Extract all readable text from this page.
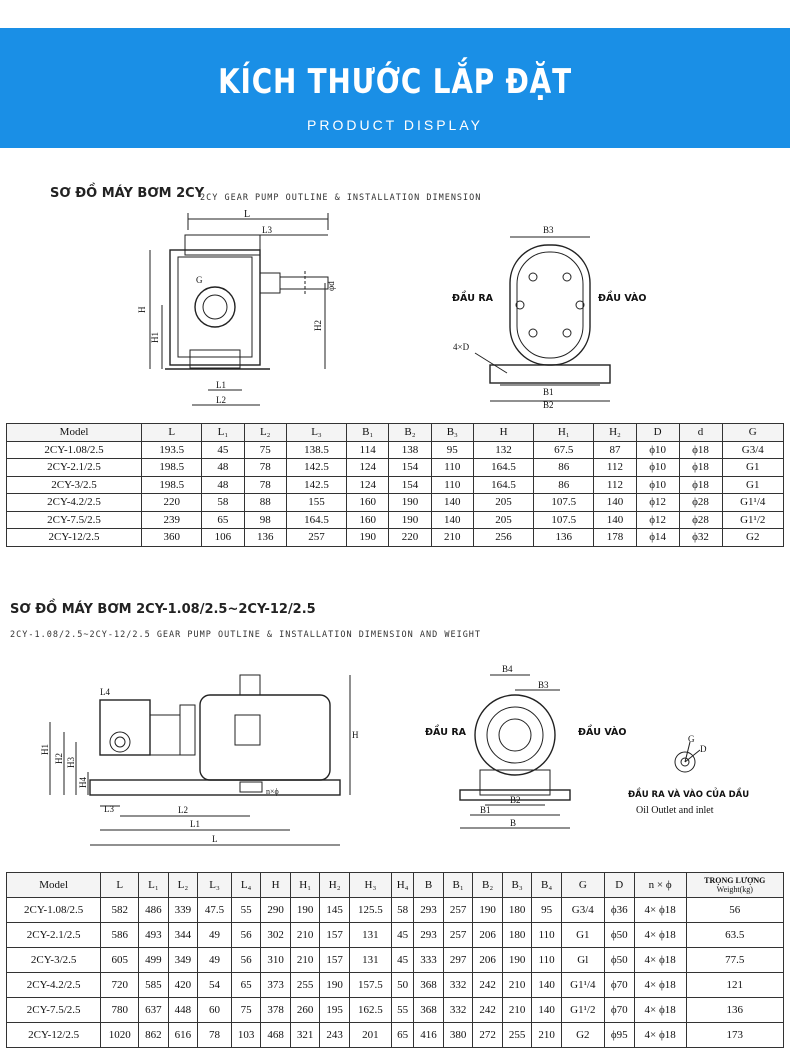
KÍCH THƯỚC LẮP ĐẶT
PRODUCT DISPLAY
SƠ ĐỒ MÁY BƠM 2CY
2CY GEAR PUMP OUTLINE & INSTALLATION DIMENSION
L
L3
G
φd
H
H1
H2
L1
L2
B3
B1
B2
4×D
ĐẦU RA	ĐẦU VÀO
Model	L	L₁	L₂	L₃	B₁	B₂	B₃	H	H₁	H₂	D	d	G
2CY-1.08/2.5	193.5	45	75	138.5	114	138	95	132	67.5	87	ϕ10	ϕ18	G3/4
2CY-2.1/2.5	198.5	48	78	142.5	124	154	110	164.5	86	112	ϕ10	ϕ18	G1
2CY-3/2.5	198.5	48	78	142.5	124	154	110	164.5	86	112	ϕ10	ϕ18	G1
2CY-4.2/2.5	220	58	88	155	160	190	140	205	107.5	140	ϕ12	ϕ28	G1¹/4
2CY-7.5/2.5	239	65	98	164.5	160	190	140	205	107.5	140	ϕ12	ϕ28	G1¹/2
2CY-12/2.5	360	106	136	257	190	220	210	256	136	178	ϕ14	ϕ32	G2
SƠ ĐỒ MÁY BƠM 2CY-1.08/2.5~2CY-12/2.5
2CY-1.08/2.5~2CY-12/2.5 GEAR PUMP OUTLINE & INSTALLATION DIMENSION AND WEIGHT
n×ϕ
L4
H1
H2 H3
H4
H
L3	L2
L1
L
B4
B3
B2
B1
B
ĐẦU RA	ĐẦU VÀO
G
D
ĐẦU RA VÀ VÀO CỦA DẦU
Oil Outlet and inlet
Model	L	L₁	L₂	L₃	L₄	H	H₁	H₂	H₃	H₄	B	B₁	B₂	B₃	B₄	G	D	n × ϕ	TRỌNG LƯỢNG
Weight(kg)

2CY-1.08/2.5	582	486	339	47.5	55	290	190	145	125.5	58	293	257	190	180	95	G3/4	ϕ36	4× ϕ18	56
2CY-2.1/2.5	586	493	344	49	56	302	210	157	131	45	293	257	206	180	110	G1	ϕ50	4× ϕ18	63.5
2CY-3/2.5	605	499	349	49	56	310	210	157	131	45	333	297	206	190	110	Gl	ϕ50	4× ϕ18	77.5
2CY-4.2/2.5	720	585	420	54	65	373	255	190	157.5	50	368	332	242	210	140	G1¹/4	ϕ70	4× ϕ18	121
2CY-7.5/2.5	780	637	448	60	75	378	260	195	162.5	55	368	332	242	210	140	G1¹/2	ϕ70	4× ϕ18	136
2CY-12/2.5	1020	862	616	78	103	468	321	243	201	65	416	380	272	255	210	G2	ϕ95	4× ϕ18	173
